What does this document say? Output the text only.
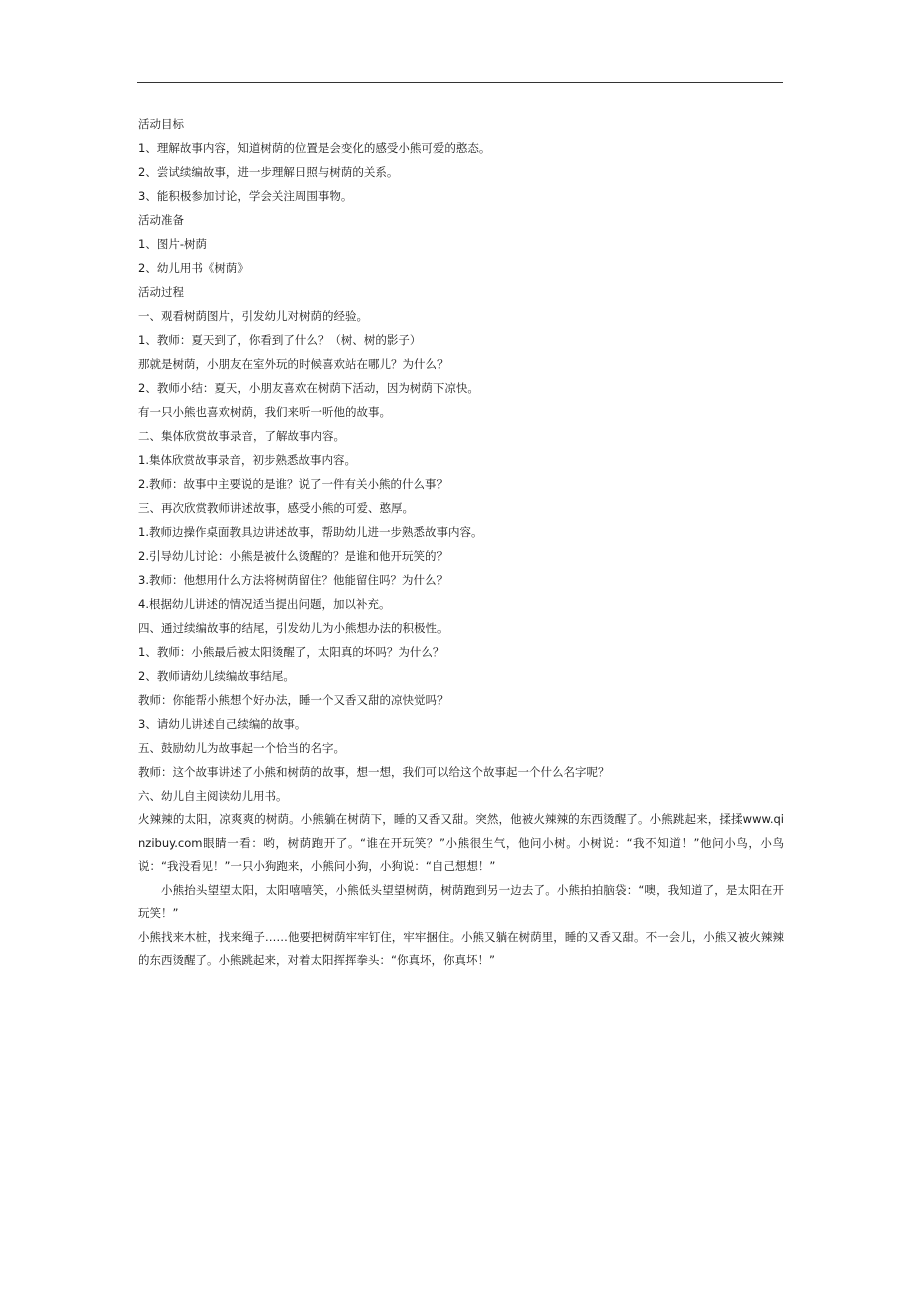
活动目标
1、理解故事内容，知道树荫的位置是会变化的感受小熊可爱的憨态。
2、尝试续编故事，进一步理解日照与树荫的关系。
3、能积极参加讨论，学会关注周围事物。
活动准备
1、图片-树荫
2、幼儿用书《树荫》
活动过程
一、观看树荫图片，引发幼儿对树荫的经验。
1、教师：夏天到了，你看到了什么？（树、树的影子）
那就是树荫，小朋友在室外玩的时候喜欢站在哪儿？为什么？
2、教师小结：夏天，小朋友喜欢在树荫下活动，因为树荫下凉快。
有一只小熊也喜欢树荫，我们来听一听他的故事。
二、集体欣赏故事录音，了解故事内容。
1.集体欣赏故事录音，初步熟悉故事内容。
2.教师：故事中主要说的是谁？说了一件有关小熊的什么事？
三、再次欣赏教师讲述故事，感受小熊的可爱、憨厚。
1.教师边操作桌面教具边讲述故事，帮助幼儿进一步熟悉故事内容。
2.引导幼儿讨论：小熊是被什么烫醒的？是谁和他开玩笑的？
3.教师：他想用什么方法将树荫留住？他能留住吗？为什么？
4.根据幼儿讲述的情况适当提出问题，加以补充。
四、通过续编故事的结尾，引发幼儿为小熊想办法的积极性。
1、教师：小熊最后被太阳烫醒了，太阳真的坏吗？为什么？
2、教师请幼儿续编故事结尾。
教师：你能帮小熊想个好办法，睡一个又香又甜的凉快觉吗？
3、请幼儿讲述自己续编的故事。
五、鼓励幼儿为故事起一个恰当的名字。
教师：这个故事讲述了小熊和树荫的故事，想一想，我们可以给这个故事起一个什么名字呢？
六、幼儿自主阅读幼儿用书。
火辣辣的太阳，凉爽爽的树荫。小熊躺在树荫下，睡的又香又甜。突然，他被火辣辣的东西烫醒了。小熊跳起来，揉揉www.qinzibuy.com眼睛一看：哟，树荫跑开了。“谁在开玩笑？”小熊很生气，他问小树。小树说：“我不知道！”他问小鸟，小鸟说：“我没看见！”一只小狗跑来，小熊问小狗，小狗说：“自己想想！”
小熊抬头望望太阳，太阳嘻嘻笑，小熊低头望望树荫，树荫跑到另一边去了。小熊拍拍脑袋：“噢，我知道了，是太阳在开玩笑！”
小熊找来木桩，找来绳子……他要把树荫牢牢钉住，牢牢捆住。小熊又躺在树荫里，睡的又香又甜。不一会儿，小熊又被火辣辣的东西烫醒了。小熊跳起来，对着太阳挥挥拳头：“你真坏，你真坏！”
